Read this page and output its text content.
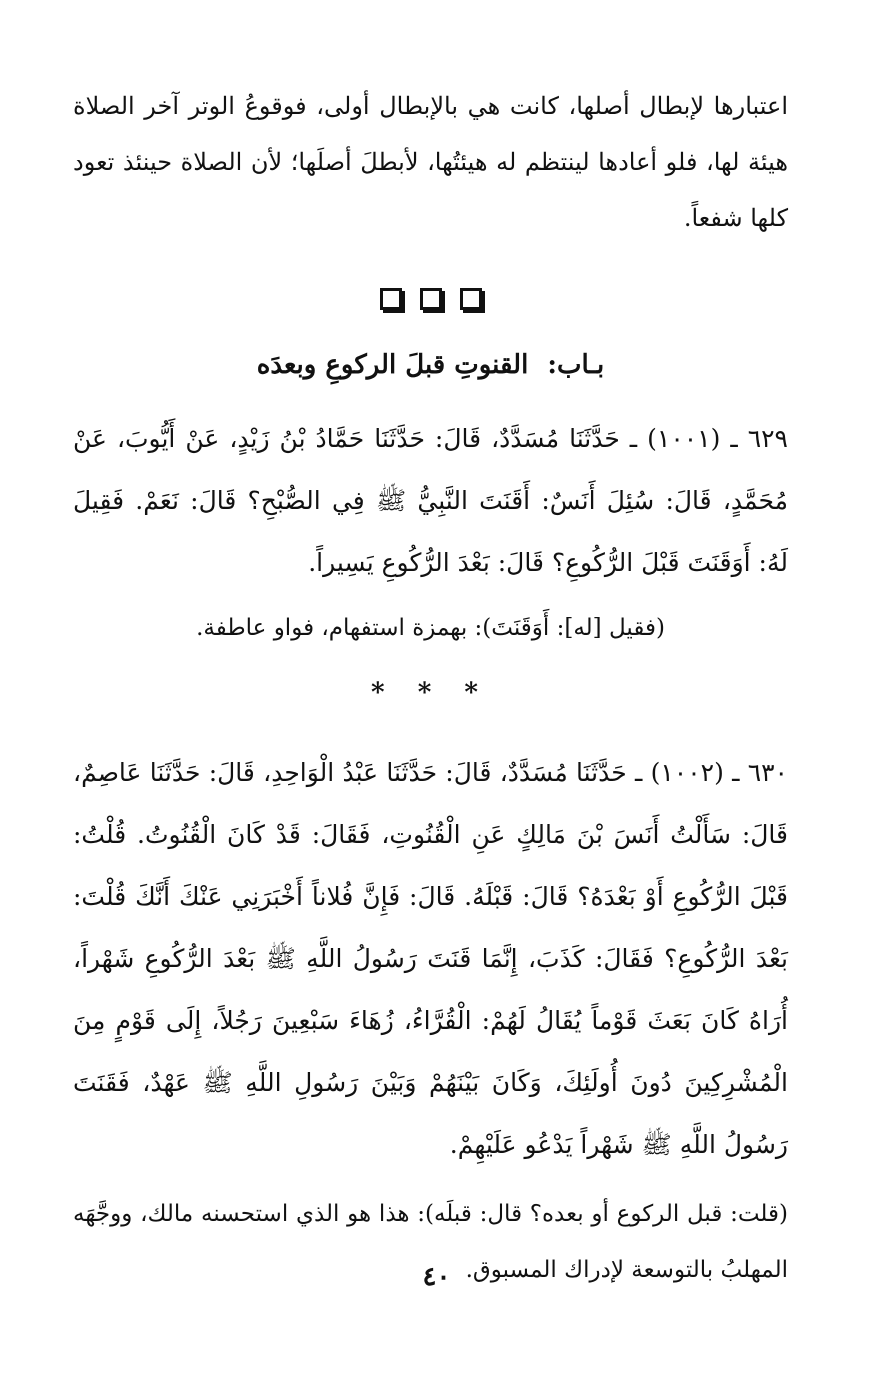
اعتبارها لإبطال أصلها، كانت هي بالإبطال أولى، فوقوعُ الوتر آخر الصلاة هيئة لها، فلو أعادها لينتظم له هيئتُها، لأبطلَ أصلَها؛ لأن الصلاة حينئذ تعود كلها شفعاً.

بـاب: القنوتِ قبلَ الركوعِ وبعدَه

٦٢٩ ـ (١٠٠١) ـ حَدَّثَنَا مُسَدَّدٌ، قَالَ: حَدَّثَنَا حَمَّادُ بْنُ زَيْدٍ، عَنْ أَيُّوبَ، عَنْ مُحَمَّدٍ، قَالَ: سُئِلَ أَنَسٌ: أَقَنَتَ النَّبِيُّ ﷺ فِي الصُّبْحِ؟ قَالَ: نَعَمْ. فَقِيلَ لَهُ: أَوَقَنَتَ قَبْلَ الرُّكُوعِ؟ قَالَ: بَعْدَ الرُّكُوعِ يَسِيراً.

(فقيل [له]: أَوَقَنَتَ): بهمزة استفهام، فواو عاطفة.

* * *

٦٣٠ ـ (١٠٠٢) ـ حَدَّثَنَا مُسَدَّدٌ، قَالَ: حَدَّثَنَا عَبْدُ الْوَاحِدِ، قَالَ: حَدَّثَنَا عَاصِمٌ، قَالَ: سَأَلْتُ أَنَسَ بْنَ مَالِكٍ عَنِ الْقُنُوتِ، فَقَالَ: قَدْ كَانَ الْقُنُوتُ. قُلْتُ: قَبْلَ الرُّكُوعِ أَوْ بَعْدَهُ؟ قَالَ: قَبْلَهُ. قَالَ: فَإِنَّ فُلاناً أَخْبَرَنِي عَنْكَ أَنَّكَ قُلْتَ: بَعْدَ الرُّكُوعِ؟ فَقَالَ: كَذَبَ، إِنَّمَا قَنَتَ رَسُولُ اللَّهِ ﷺ بَعْدَ الرُّكُوعِ شَهْراً، أُرَاهُ كَانَ بَعَثَ قَوْماً يُقَالُ لَهُمْ: الْقُرَّاءُ، زُهَاءَ سَبْعِينَ رَجُلاً، إِلَى قَوْمٍ مِنَ الْمُشْرِكِينَ دُونَ أُولَئِكَ، وَكَانَ بَيْنَهُمْ وَبَيْنَ رَسُولِ اللَّهِ ﷺ عَهْدٌ، فَقَنَتَ رَسُولُ اللَّهِ ﷺ شَهْراً يَدْعُو عَلَيْهِمْ.

(قلت: قبل الركوع أو بعده؟ قال: قبلَه): هذا هو الذي استحسنه مالك، ووجَّهَه المهلبُ بالتوسعة لإدراك المسبوق.

٤٠
